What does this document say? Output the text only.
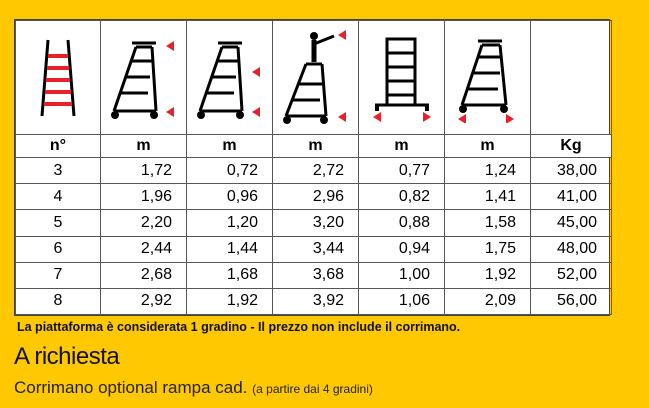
n°	m	m	m	m	m	Kg
3	1,72	0,72	2,72	0,77	1,24	38,00
4	1,96	0,96	2,96	0,82	1,41	41,00
5	2,20	1,20	3,20	0,88	1,58	45,00
6	2,44	1,44	3,44	0,94	1,75	48,00
7	2,68	1,68	3,68	1,00	1,92	52,00
8	2,92	1,92	3,92	1,06	2,09	56,00
La piattaforma è considerata 1 gradino - Il prezzo non include il corrimano.
A richiesta
Corrimano optional rampa cad. (a partire dai 4 gradini)
